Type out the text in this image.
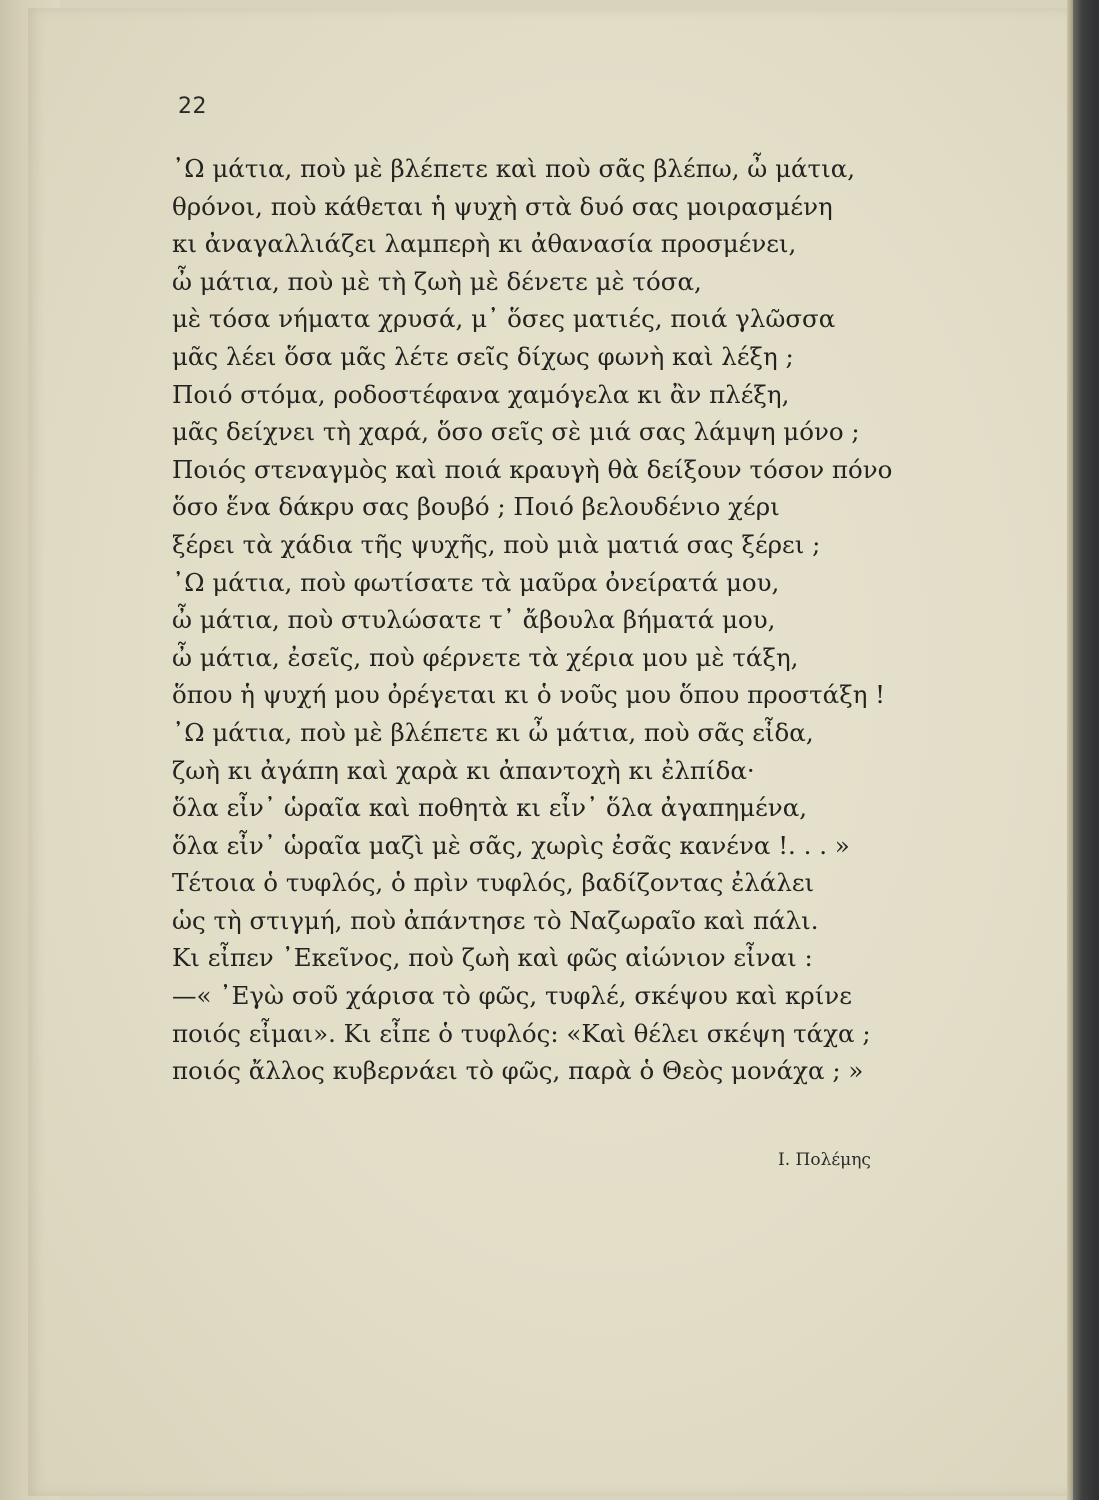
22
᾿Ω μάτια, ποὺ μὲ βλέπετε καὶ ποὺ σᾶς βλέπω, ὦ μάτια,
θρόνοι, ποὺ κάθεται ἡ ψυχὴ στὰ δυό σας μοιρασμένη
κι ἀναγαλλιάζει λαμπερὴ κι ἀθανασία προσμένει,
ὦ μάτια, ποὺ μὲ τὴ ζωὴ μὲ δένετε μὲ τόσα,
μὲ τόσα νήματα χρυσά, μ᾿ ὅσες ματιές, ποιά γλῶσσα
μᾶς λέει ὅσα μᾶς λέτε σεῖς δίχως φωνὴ καὶ λέξη ;
Ποιό στόμα, ροδοστέφανα χαμόγελα κι ἂν πλέξη,
μᾶς δείχνει τὴ χαρά, ὅσο σεῖς σὲ μιά σας λάμψη μόνο ;
Ποιός στεναγμὸς καὶ ποιά κραυγὴ θὰ δείξουν τόσον πόνο
ὅσο ἕνα δάκρυ σας βουβό ; Ποιό βελουδένιο χέρι
ξέρει τὰ χάδια τῆς ψυχῆς, ποὺ μιὰ ματιά σας ξέρει ;
᾿Ω μάτια, ποὺ φωτίσατε τὰ μαῦρα ὀνείρατά μου,
ὦ μάτια, ποὺ στυλώσατε τ᾿ ἄβουλα βήματά μου,
ὦ μάτια, ἐσεῖς, ποὺ φέρνετε τὰ χέρια μου μὲ τάξη,
ὅπου ἡ ψυχή μου ὀρέγεται κι ὁ νοῦς μου ὅπου προστάξη !
᾿Ω μάτια, ποὺ μὲ βλέπετε κι ὦ μάτια, ποὺ σᾶς εἶδα,
ζωὴ κι ἀγάπη καὶ χαρὰ κι ἀπαντοχὴ κι ἐλπίδα·
ὅλα εἶν᾿ ὡραῖα καὶ ποθητὰ κι εἶν᾿ ὅλα ἀγαπημένα,
ὅλα εἶν᾿ ὡραῖα μαζὶ μὲ σᾶς, χωρὶς ἐσᾶς κανένα !. . . »
Τέτοια ὁ τυφλός, ὁ πρὶν τυφλός, βαδίζοντας ἐλάλει
ὡς τὴ στιγμή, ποὺ ἀπάντησε τὸ Ναζωραῖο καὶ πάλι.
Κι εἶπεν ᾿Εκεῖνος, ποὺ ζωὴ καὶ φῶς αἰώνιον εἶναι :
—« ᾿Εγὼ σοῦ χάρισα τὸ φῶς, τυφλέ, σκέψου καὶ κρίνε
ποιός εἶμαι». Κι εἶπε ὁ τυφλός: «Καὶ θέλει σκέψη τάχα ;
ποιός ἄλλος κυβερνάει τὸ φῶς, παρὰ ὁ Θεὸς μονάχα ; »
Ι. Πολέμης
